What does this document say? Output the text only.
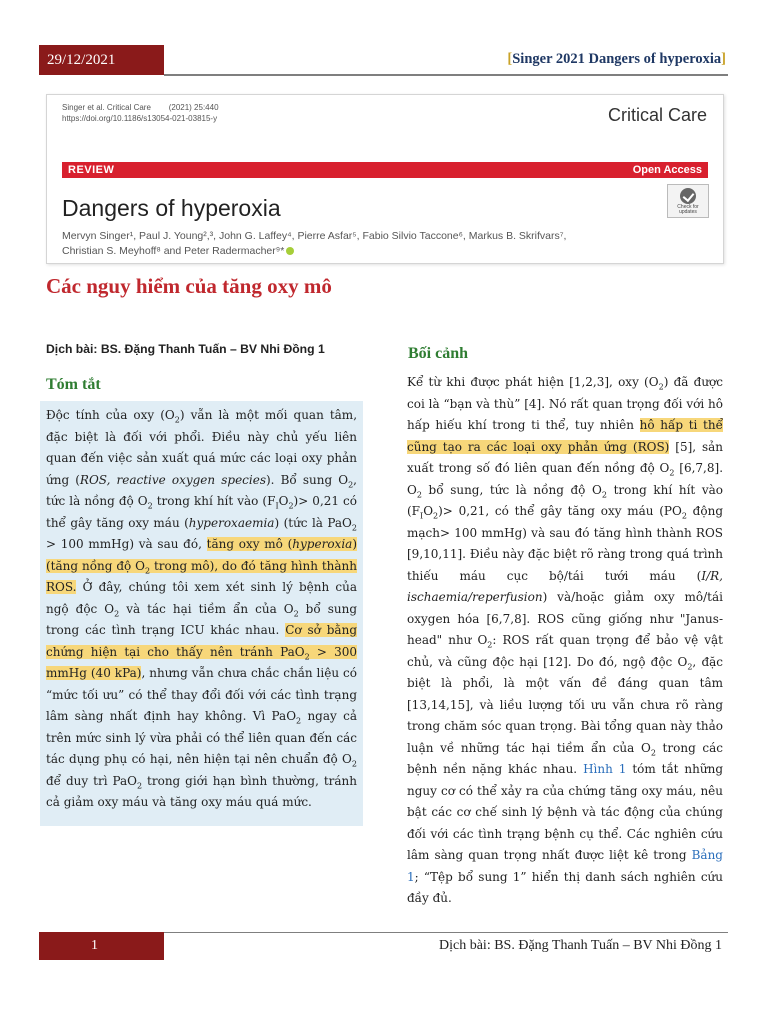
29/12/2021	[Singer 2021 Dangers of hyperoxia]
Singer et al. Critical Care        (2021) 25:440
https://doi.org/10.1186/s13054-021-03815-y	Critical Care
REVIEW	Open Access
Dangers of hyperoxia	Check for
updates
Mervyn Singer¹, Paul J. Young²,³, John G. Laffey⁴, Pierre Asfar⁵, Fabio Silvio Taccone⁶, Markus B. Skrifvars⁷,
Christian S. Meyhoff⁸ and Peter Radermacher⁹*
Các nguy hiểm của tăng oxy mô
Dịch bài: BS. Đặng Thanh Tuấn – BV Nhi Đồng 1
Tóm tắt
Bối cảnh

Độc tính của oxy $(O_2)$ vẫn là một mối quan tâm, đặc biệt là đối với phổi. Điều này chủ yếu liên quan đến việc sản xuất quá mức các loại oxy phản ứng (ROS, reactive oxygen species). Bổ sung $O_2$, tức là nồng độ $O_2$ trong khí hít vào $(F_IO_2)> 0,21$ có thể gây tăng oxy máu (hyperoxaemia) (tức là PaO$_2$ > 100 mmHg) và sau đó, tăng oxy mô (hyperoxia) (tăng nồng độ $O_2$ trong mô), do đó tăng hình thành ROS. Ở đây, chúng tôi xem xét sinh lý bệnh của ngộ độc $O_2$ và tác hại tiềm ẩn của $O_2$ bổ sung trong các tình trạng ICU khác nhau. Cơ sở bằng chứng hiện tại cho thấy nên tránh PaO$_2$ > 300 mmHg (40 kPa), nhưng vẫn chưa chắc chắn liệu có “mức tối ưu” có thể thay đổi đối với các tình trạng lâm sàng nhất định hay không. Vì PaO$_2$ ngay cả trên mức sinh lý vừa phải có thể liên quan đến các tác dụng phụ có hại, nên hiện tại nên chuẩn độ $O_2$ để duy trì PaO$_2$ trong giới hạn bình thường, tránh cả giảm oxy máu và tăng oxy máu quá mức.

Kể từ khi được phát hiện [1,2,3], oxy $(O_2)$ đã được coi là “bạn và thù” [4]. Nó rất quan trọng đối với hô hấp hiếu khí trong ti thể, tuy nhiên hô hấp ti thể cũng tạo ra các loại oxy phản ứng (ROS) [5], sản xuất trong số đó liên quan đến nồng độ $O_2$ [6,7,8]. $O_2$ bổ sung, tức là nồng độ $O_2$ trong khí hít vào $(F_IO_2)> 0,21$, có thể gây tăng oxy máu ($PO_2$ động mạch> 100 mmHg) và sau đó tăng hình thành ROS [9,10,11]. Điều này đặc biệt rõ ràng trong quá trình thiếu máu cục bộ/tái tưới máu (I/R, ischaemia/reperfusion) và/hoặc giảm oxy mô/tái oxygen hóa [6,7,8]. ROS cũng giống như "Janus-head" như $O_2$: ROS rất quan trọng để bảo vệ vật chủ, và cũng độc hại [12]. Do đó, ngộ độc $O_2$, đặc biệt là phổi, là một vấn đề đáng quan tâm [13,14,15], và liều lượng tối ưu vẫn chưa rõ ràng trong chăm sóc quan trọng. Bài tổng quan này thảo luận về những tác hại tiềm ẩn của $O_2$ trong các bệnh nền nặng khác nhau. Hình 1 tóm tắt những nguy cơ có thể xảy ra của chứng tăng oxy máu, nêu bật các cơ chế sinh lý bệnh và tác động của chúng đối với các tình trạng bệnh cụ thể. Các nghiên cứu lâm sàng quan trọng nhất được liệt kê trong Bảng 1; “Tệp bổ sung 1” hiển thị danh sách nghiên cứu đầy đủ.

1	Dịch bài: BS. Đặng Thanh Tuấn – BV Nhi Đồng 1
